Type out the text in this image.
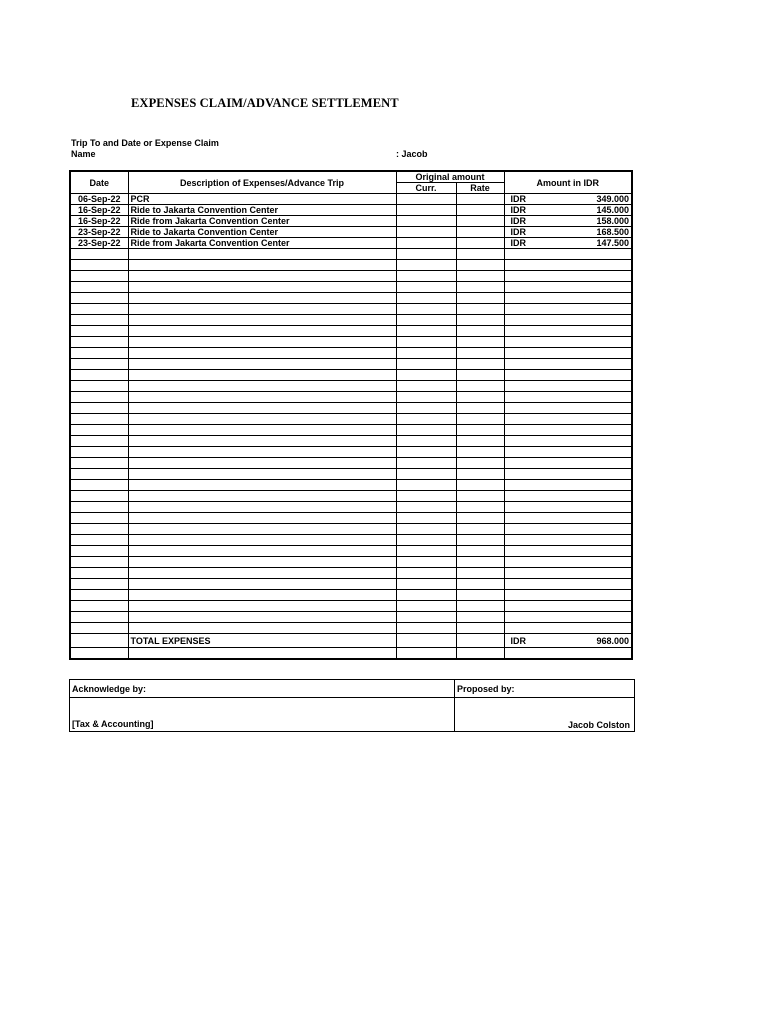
EXPENSES CLAIM/ADVANCE SETTLEMENT
Trip To and Date or Expense Claim
Name	: Jacob
Date	Description of Expenses/Advance Trip	Original amount		Amount in IDR
		Curr.	Rate	
06-Sep-22	PCR			IDR 349.000

16-Sep-22	Ride to Jakarta Convention Center			IDR 145.000

16-Sep-22	Ride from Jakarta Convention Center			IDR 158.000

23-Sep-22	Ride to Jakarta Convention Center			IDR 168.500

23-Sep-22	Ride from Jakarta Convention Center			IDR 147.500

	TOTAL EXPENSES			IDR 968.000

Acknowledge by:	Proposed by:
[Tax & Accounting]	Jacob Colston
